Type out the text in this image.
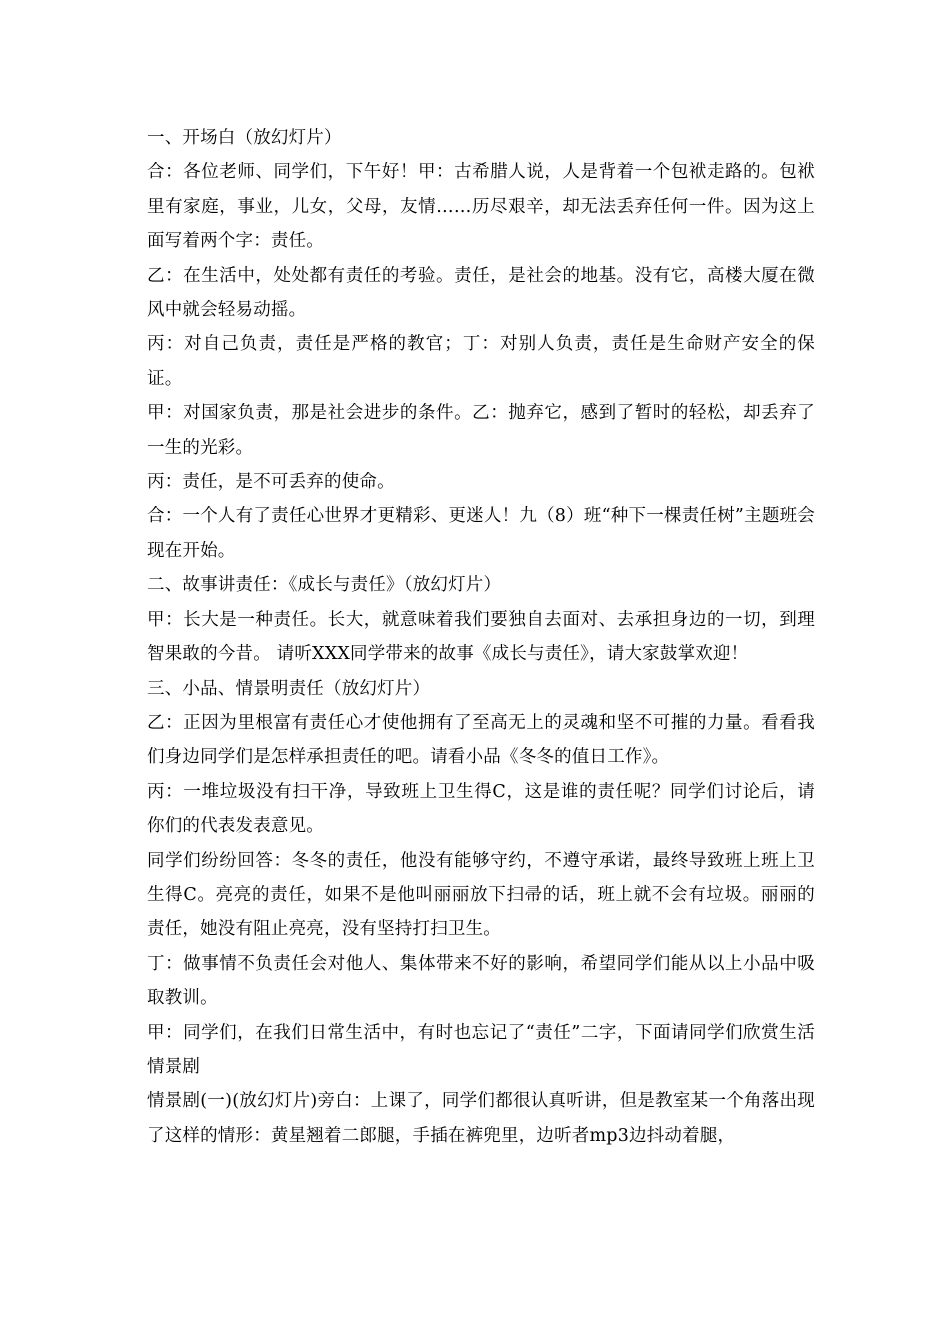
一、开场白（放幻灯片）

合：各位老师、同学们，下午好！甲：古希腊人说，人是背着一个包袱走路的。包袱里有家庭，事业，儿女，父母，友情……历尽艰辛，却无法丢弃任何一件。因为这上面写着两个字：责任。

乙：在生活中，处处都有责任的考验。责任，是社会的地基。没有它，高楼大厦在微风中就会轻易动摇。

丙：对自己负责，责任是严格的教官；丁：对别人负责，责任是生命财产安全的保证。

甲：对国家负责，那是社会进步的条件。乙：抛弃它，感到了暂时的轻松，却丢弃了一生的光彩。

丙：责任，是不可丢弃的使命。

合：一个人有了责任心世界才更精彩、更迷人！九（8）班“种下一棵责任树”主题班会现在开始。

二、故事讲责任：《成长与责任》（放幻灯片）

甲：长大是一种责任。长大，就意味着我们要独自去面对、去承担身边的一切，到理智果敢的今昔。 请听XXX同学带来的故事《成长与责任》，请大家鼓掌欢迎！

三、小品、情景明责任（放幻灯片）

乙：正因为里根富有责任心才使他拥有了至高无上的灵魂和坚不可摧的力量。看看我们身边同学们是怎样承担责任的吧。请看小品《冬冬的值日工作》。

丙：一堆垃圾没有扫干净，导致班上卫生得C，这是谁的责任呢？同学们讨论后，请你们的代表发表意见。

同学们纷纷回答：冬冬的责任，他没有能够守约，不遵守承诺，最终导致班上班上卫生得C。亮亮的责任，如果不是他叫丽丽放下扫帚的话，班上就不会有垃圾。丽丽的责任，她没有阻止亮亮，没有坚持打扫卫生。

丁：做事情不负责任会对他人、集体带来不好的影响，希望同学们能从以上小品中吸取教训。

甲：同学们，在我们日常生活中，有时也忘记了“责任”二字，下面请同学们欣赏生活情景剧

情景剧(一)(放幻灯片)旁白：上课了，同学们都很认真听讲，但是教室某一个角落出现了这样的情形：黄星翘着二郎腿，手插在裤兜里，边听者mp3边抖动着腿，
